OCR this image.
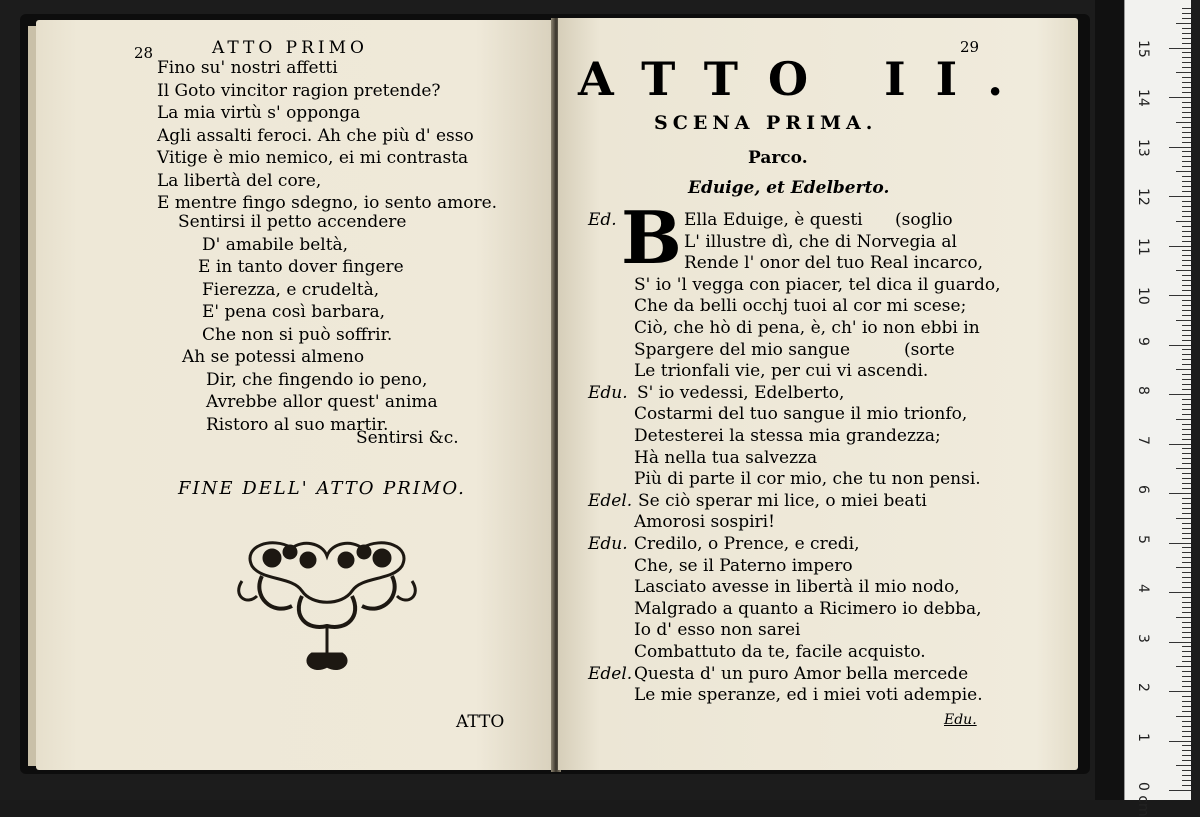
28	ATTO PRIMO
Fino su' nostri affetti
Il Goto vincitor ragion pretende?
La mia virtù s' opponga
Agli assalti feroci. Ah che più d' esso
Vitige è mio nemico, ei mi contrasta
La libertà del core,
E mentre fingo sdegno, io sento amore.
Sentirsi il petto accendere
D' amabile beltà,
E in tanto dover fingere
Fierezza, e crudeltà,
E' pena così barbara,
Che non si può soffrir.
Ah se potessi almeno
Dir, che fingendo io peno,
Avrebbe allor quest' anima
Ristoro al suo martir.
Sentirsi &c.
FINE DELL' ATTO PRIMO.
ATTO
29
ATTO II.
SCENA PRIMA.
Parco.
Eduige, et Edelberto.
B
Ed.	Ella Eduige, è questi      (soglio
L' illustre dì, che di Norvegia al
Rende l' onor del tuo Real incarco,
S' io 'l vegga con piacer, tel dica il guardo,
Che da belli occhj tuoi al cor mi scese;
Ciò, che hò di pena, è, ch' io non ebbi in
Spargere del mio sangue          (sorte
Le trionfali vie, per cui vi ascendi.
Edu. S' io vedessi, Edelberto,
Costarmi del tuo sangue il mio trionfo,
Detesterei la stessa mia grandezza;
Hà nella tua salvezza
Più di parte il cor mio, che tu non pensi.
Edel. Se ciò sperar mi lice, o miei beati
Amorosi sospiri!
Edu. Credilo, o Prence, e credi,
Che, se il Paterno impero
Lasciato avesse in libertà il mio nodo,
Malgrado a quanto a Ricimero io debba,
Io d' esso non sarei
Combattuto da te, facile acquisto.
Edel. Questa d' un puro Amor bella mercede
Le mie speranze, ed i miei voti adempie.
Edu.
0 cm
1
2
3
4
5
6
7
8
9
10
11
12
13
14
15
